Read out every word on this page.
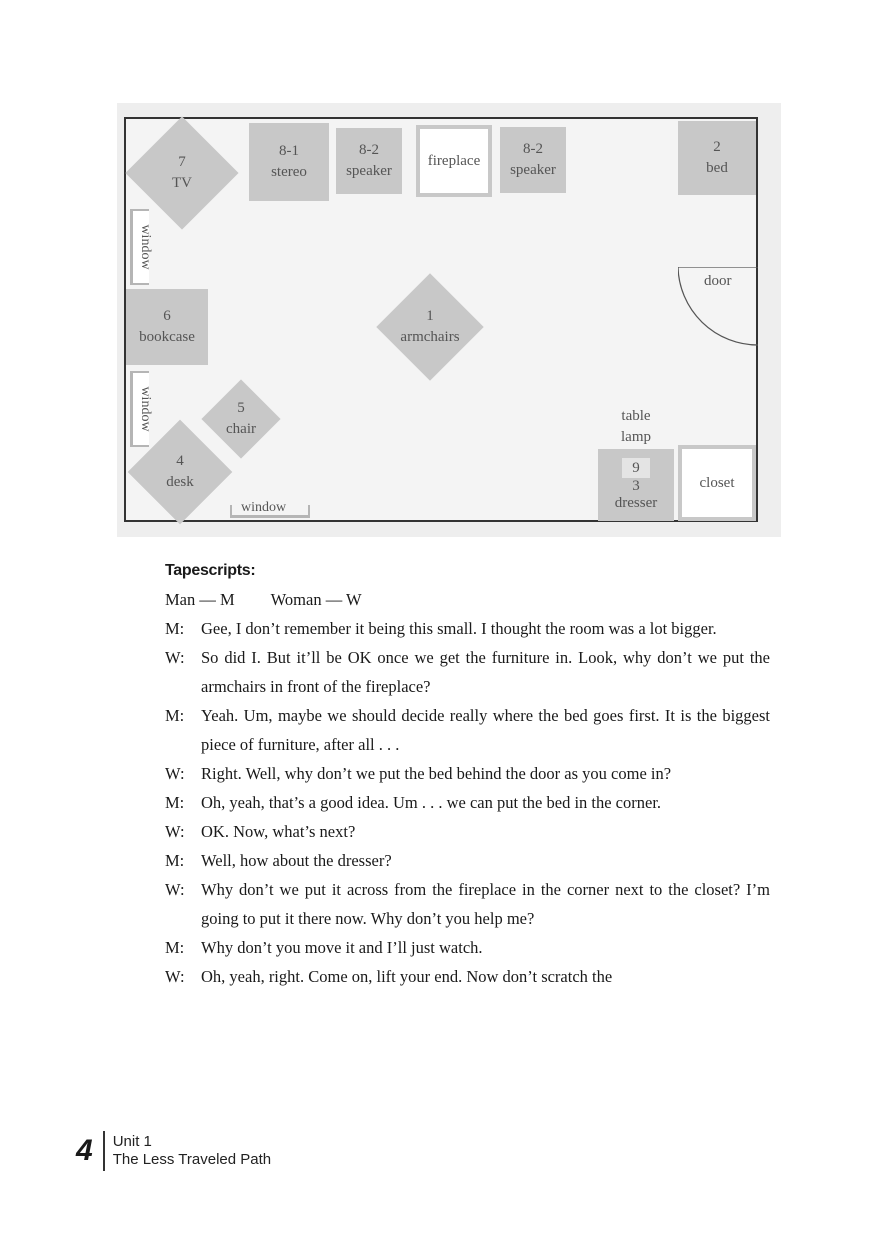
7
TV
8-1
stereo
8-2
speaker
fireplace
8-2
speaker
2
bed
window
6
bookcase
1
armchairs
door
window	5
chair
4
desk
window
table
lamp
9
3
dresser
closet
Tapescripts:
Man — M Woman — W
M:	Gee, I don’t remember it being this small. I thought the room was a lot bigger.
W: So did I. But it’ll be OK once we get the furniture in. Look, why don’t we put the armchairs in front of the fireplace?
M:	Yeah. Um, maybe we should decide really where the bed goes first. It is the biggest piece of furniture, after all . . .
W: Right. Well, why don’t we put the bed behind the door as you come in?
M:	Oh, yeah, that’s a good idea. Um . . . we can put the bed in the corner.
W: OK. Now, what’s next?
M:	Well, how about the dresser?
W: Why don’t we put it across from the fireplace in the corner next to the closet? I’m going to put it there now. Why don’t you help me?
M:	Why don’t you move it and I’ll just watch.
W: Oh, yeah, right. Come on, lift your end. Now don’t scratch the
4	Unit 1
The Less Traveled Path
